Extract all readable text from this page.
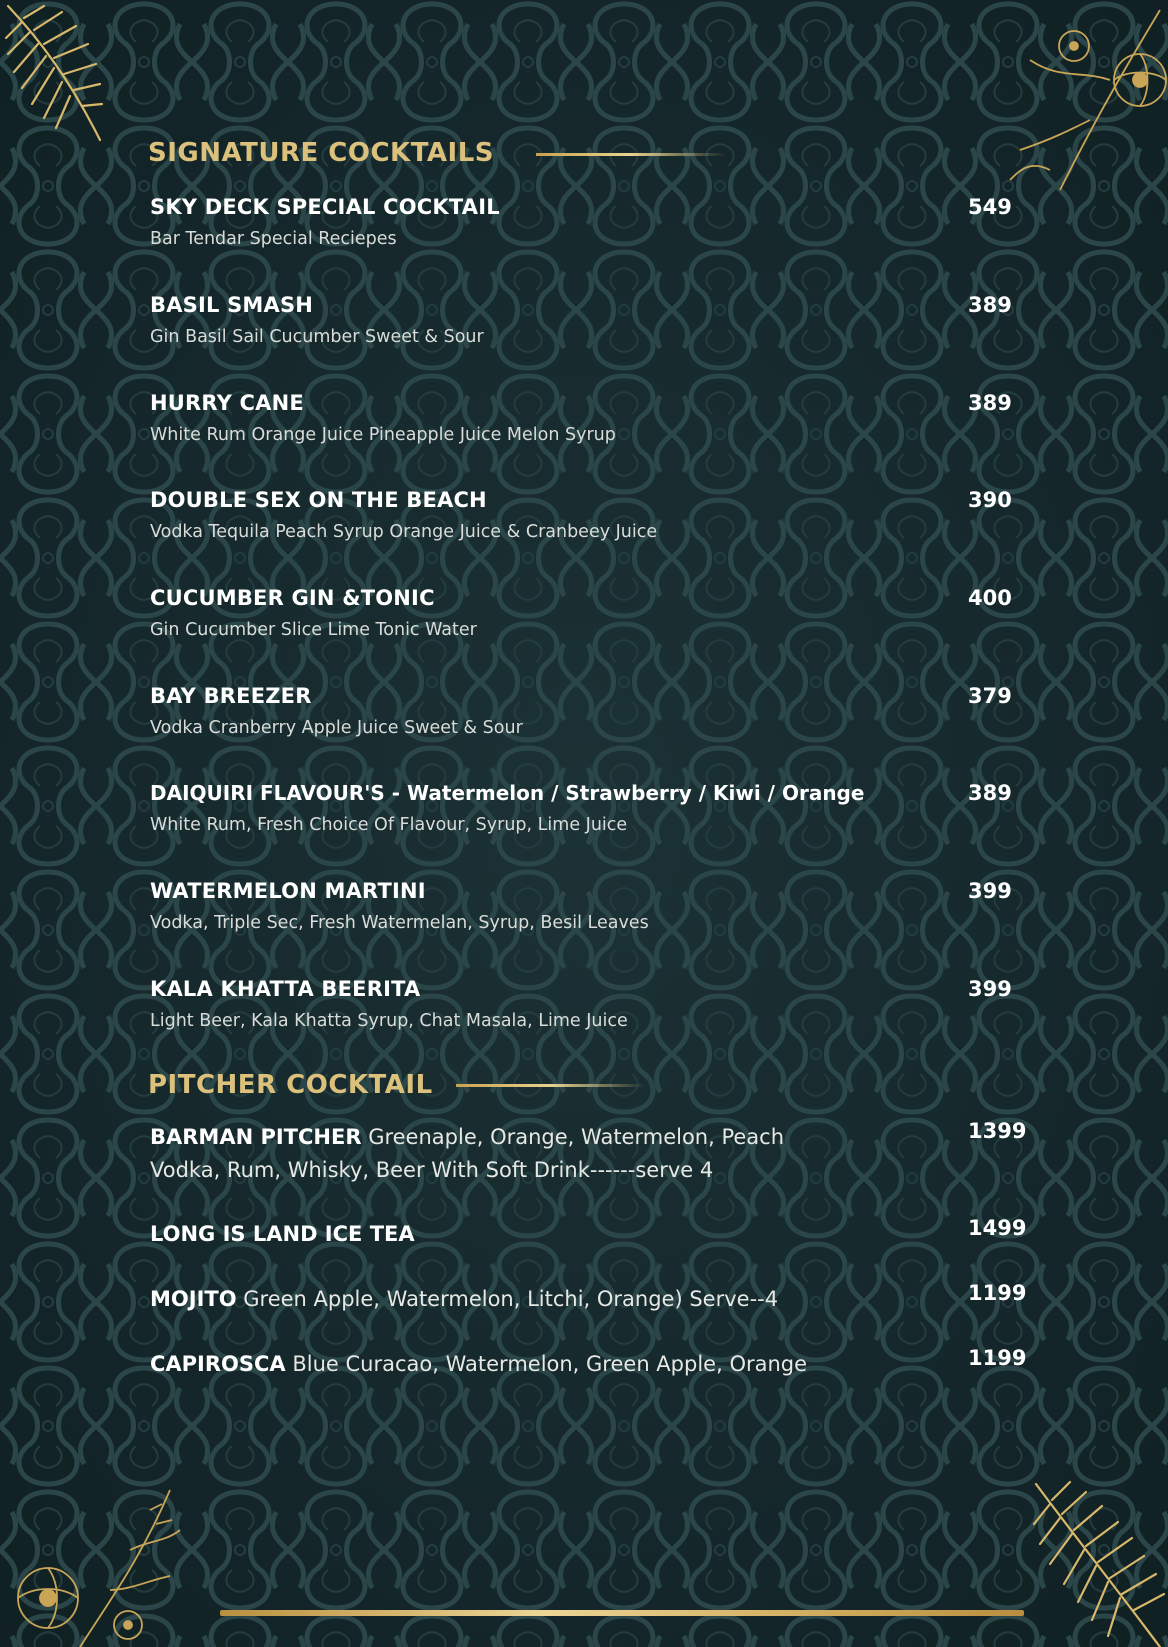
SIGNATURE COCKTAILS
SKY DECK SPECIAL COCKTAIL
Bar Tendar Special Reciepes
549
BASIL SMASH
Gin Basil Sail Cucumber Sweet & Sour
389
HURRY CANE
White Rum Orange Juice Pineapple Juice Melon Syrup
389
DOUBLE SEX ON THE BEACH
Vodka Tequila Peach Syrup Orange Juice & Cranbeey Juice
390
CUCUMBER GIN &TONIC
Gin Cucumber Slice Lime Tonic Water
400
BAY BREEZER
Vodka Cranberry Apple Juice Sweet & Sour
379
DAIQUIRI FLAVOUR'S - Watermelon / Strawberry / Kiwi / Orange
White Rum, Fresh Choice Of Flavour, Syrup, Lime Juice
389
WATERMELON MARTINI
Vodka, Triple Sec, Fresh Watermelan, Syrup, Besil Leaves
399
KALA KHATTA BEERITA
Light Beer, Kala Khatta Syrup, Chat Masala, Lime Juice
399
PITCHER COCKTAIL
BARMAN PITCHER Greenaple, Orange, Watermelon, Peach
Vodka, Rum, Whisky, Beer With Soft Drink------serve 4
1399
LONG IS LAND ICE TEA	1499
MOJITO Green Apple, Watermelon, Litchi, Orange) Serve--4	1199
CAPIROSCA Blue Curacao, Watermelon, Green Apple, Orange	1199
